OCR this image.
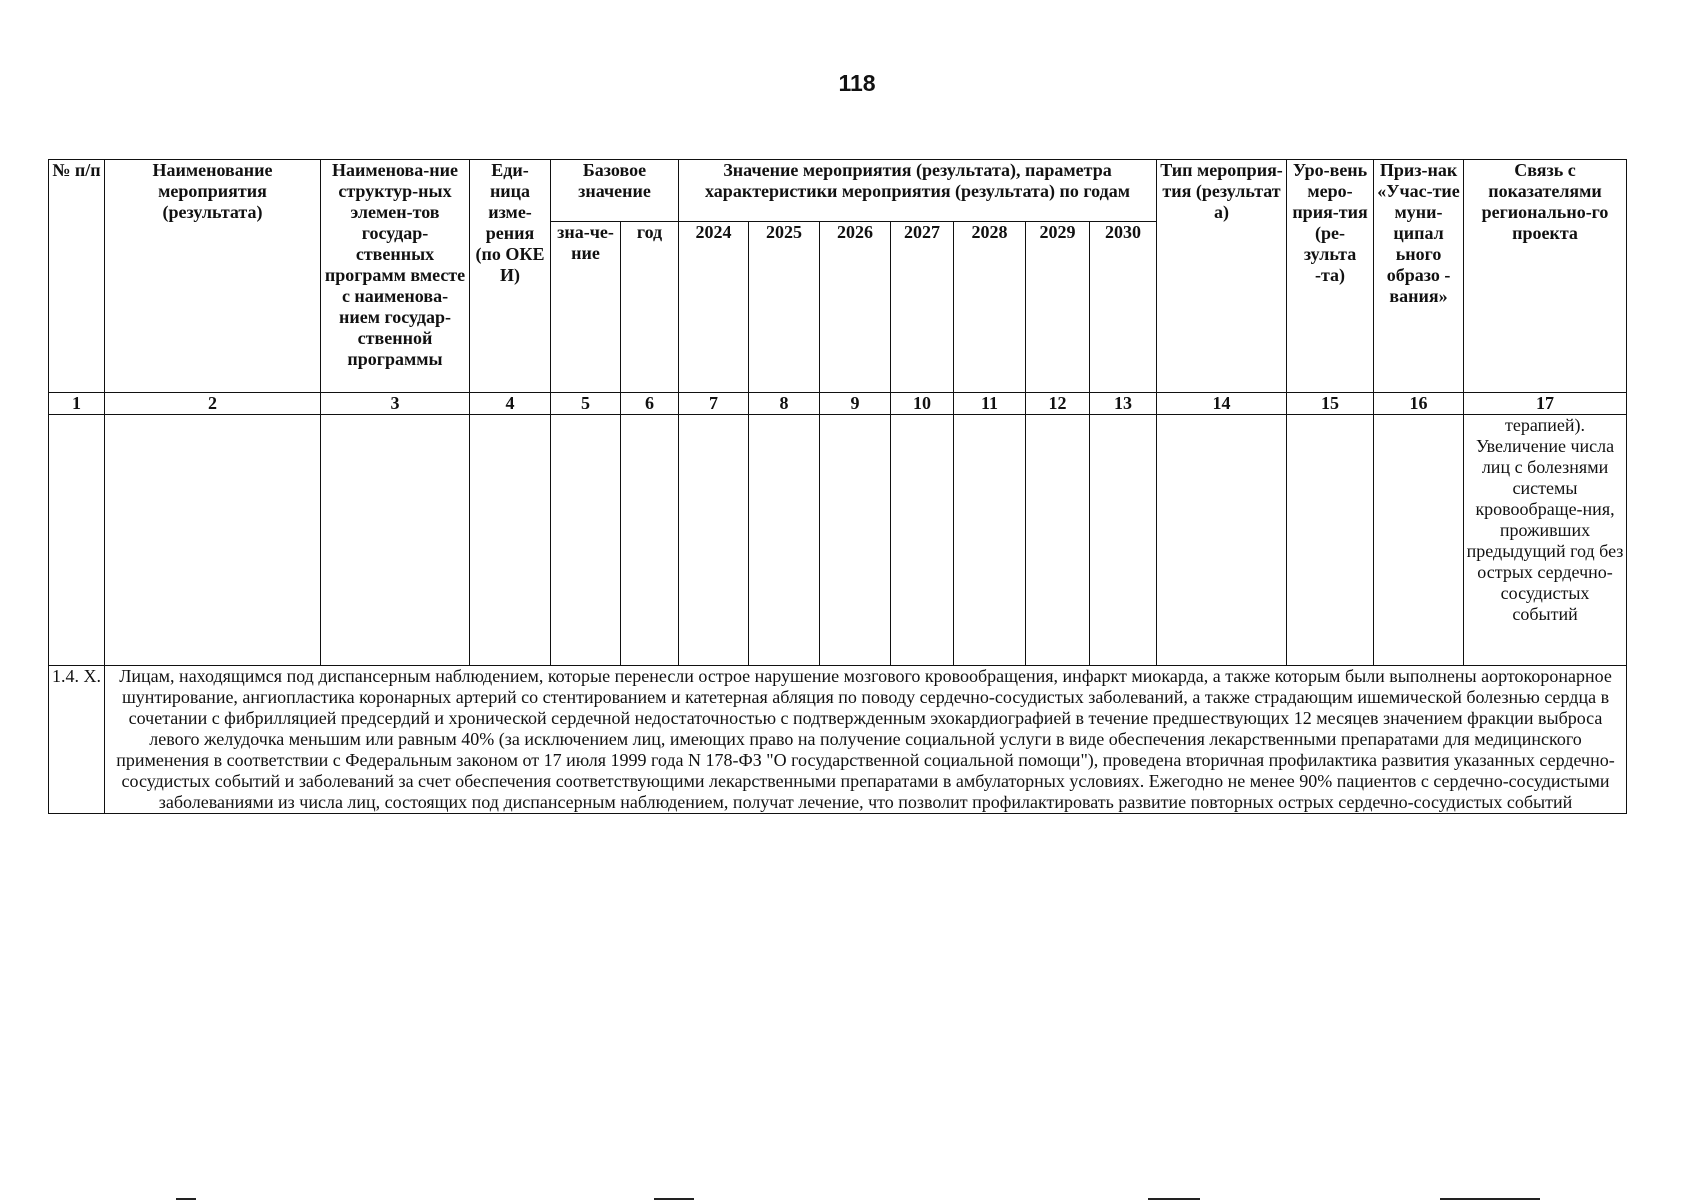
118
№ п/п	Наименование мероприятия (результата)	Наименова-ние структур-ных элемен-тов государ-ственных программ вместе с наименова-нием государ-ственной программы	Еди-ница изме-рения (по ОКЕ И)	Базовое значение		Значение мероприятия (результата), параметра характеристики мероприятия (результата) по годам							Тип мероприя-тия (результат а)	Уро-вень меро-прия-тия (ре-зульта -та)	Приз-нак «Учас-тие муни-ципал ьного образо - вания»	Связь с показателями регионально-го проекта
				зна-че-ние	год	2024	2025	2026	2027	2028	2029	2030				
1	2	3	4	5	6	7	8	9	10	11	12	13	14	15	16	17
																терапией). Увеличение числа лиц с болезнями системы кровообраще-ния, проживших предыдущий год без острых сердечно-сосудистых событий
1.4. X.	Лицам, находящимся под диспансерным наблюдением, которые перенесли острое нарушение мозгового кровообращения, инфаркт миокарда, а также которым были выполнены аортокоронарное шунтирование, ангиопластика коронарных артерий со стентированием и катетерная абляция по поводу сердечно-сосудистых заболеваний, а также страдающим ишемической болезнью сердца в сочетании с фибрилляцией предсердий и хронической сердечной недостаточностью с подтвержденным эхокардиографией в течение предшествующих 12 месяцев значением фракции выброса левого желудочка меньшим или равным 40% (за исключением лиц, имеющих право на получение социальной услуги в виде обеспечения лекарственными препаратами для медицинского применения в соответствии с Федеральным законом от 17 июля 1999 года N 178-ФЗ "О государственной социальной помощи"), проведена вторичная профилактика развития указанных сердечно-сосудистых событий и заболеваний за счет обеспечения соответствующими лекарственными препаратами в амбулаторных условиях. Ежегодно не менее 90% пациентов с сердечно-сосудистыми заболеваниями из числа лиц, состоящих под диспансерным наблюдением, получат лечение, что позволит профилактировать развитие повторных острых сердечно-сосудистых событий															
